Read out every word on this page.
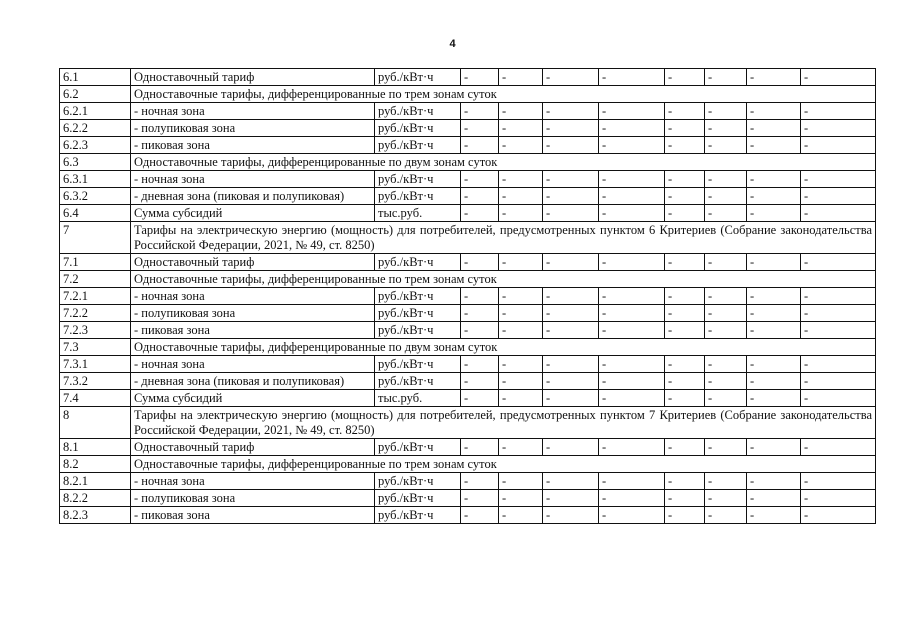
4
6.1	Одноставочный тариф	руб./кВт·ч	-	-	-	-	-	-	-	-
6.2	Одноставочные тарифы, дифференцированные по трем зонам суток									
6.2.1	- ночная зона	руб./кВт·ч	-	-	-	-	-	-	-	-
6.2.2	- полупиковая зона	руб./кВт·ч	-	-	-	-	-	-	-	-
6.2.3	- пиковая зона	руб./кВт·ч	-	-	-	-	-	-	-	-
6.3	Одноставочные тарифы, дифференцированные по двум зонам суток									
6.3.1	- ночная зона	руб./кВт·ч	-	-	-	-	-	-	-	-
6.3.2	- дневная зона (пиковая и полупиковая)	руб./кВт·ч	-	-	-	-	-	-	-	-
6.4	Сумма субсидий	тыс.руб.	-	-	-	-	-	-	-	-
7	Тарифы на электрическую энергию (мощность) для потребителей, предусмотренных пунктом 6 Критериев (Собрание законодательства Российской Федерации, 2021, № 49, ст. 8250)									
7.1	Одноставочный тариф	руб./кВт·ч	-	-	-	-	-	-	-	-
7.2	Одноставочные тарифы, дифференцированные по трем зонам суток									
7.2.1	- ночная зона	руб./кВт·ч	-	-	-	-	-	-	-	-
7.2.2	- полупиковая зона	руб./кВт·ч	-	-	-	-	-	-	-	-
7.2.3	- пиковая зона	руб./кВт·ч	-	-	-	-	-	-	-	-
7.3	Одноставочные тарифы, дифференцированные по двум зонам суток									
7.3.1	- ночная зона	руб./кВт·ч	-	-	-	-	-	-	-	-
7.3.2	- дневная зона (пиковая и полупиковая)	руб./кВт·ч	-	-	-	-	-	-	-	-
7.4	Сумма субсидий	тыс.руб.	-	-	-	-	-	-	-	-
8	Тарифы на электрическую энергию (мощность) для потребителей, предусмотренных пунктом 7 Критериев (Собрание законодательства Российской Федерации, 2021, № 49, ст. 8250)									
8.1	Одноставочный тариф	руб./кВт·ч	-	-	-	-	-	-	-	-
8.2	Одноставочные тарифы, дифференцированные по трем зонам суток									
8.2.1	- ночная зона	руб./кВт·ч	-	-	-	-	-	-	-	-
8.2.2	- полупиковая зона	руб./кВт·ч	-	-	-	-	-	-	-	-
8.2.3	- пиковая зона	руб./кВт·ч	-	-	-	-	-	-	-	-
